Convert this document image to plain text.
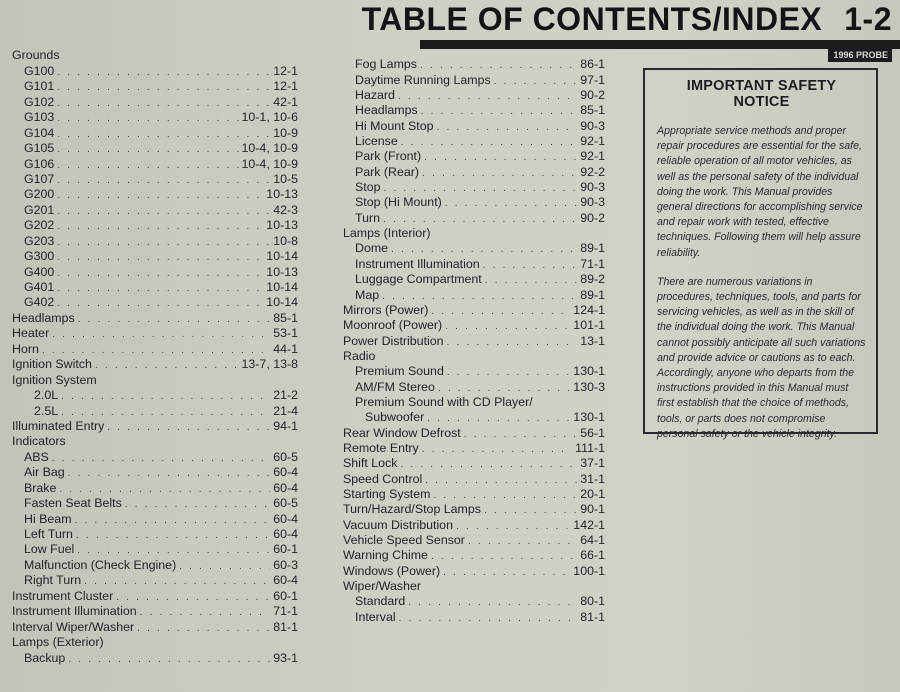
TABLE OF CONTENTS/INDEX 1-2
1996 PROBE
Grounds
G100 . . .	12-1
G101 . . .	12-1
G102 . . .	42-1
G103 . . .	10-1, 10-6
G104 . . .	10-9
G105 . . .	10-4, 10-9
G106 . . .	10-4, 10-9
G107 . . .	10-5
G200 . . .	10-13
G201 . . .	42-3
G202 . . .	10-13
G203 . . .	10-8
G300 . . .	10-14
G400 . . .	10-13
G401 . . .	10-14
G402 . . .	10-14
Headlamps . . .	85-1
Heater . . .	53-1
Horn . . .	44-1
Ignition Switch . . .	13-7, 13-8
Ignition System
2.0L . . .	21-2
2.5L . . .	21-4
Illuminated Entry . . .	94-1
Indicators
ABS . . .	60-5
Air Bag . . .	60-4
Brake . . .	60-4
Fasten Seat Belts . . .	60-5
Hi Beam . . .	60-4
Left Turn . . .	60-4
Low Fuel . . .	60-1
Malfunction (Check Engine) . . .	60-3
Right Turn . . .	60-4
Instrument Cluster . . .	60-1
Instrument Illumination . . .	71-1
Interval Wiper/Washer . . .	81-1
Lamps (Exterior)
Backup . . .	93-1
Fog Lamps . . .	86-1
Daytime Running Lamps . . .	97-1
Hazard . . .	90-2
Headlamps . . .	85-1
Hi Mount Stop . . .	90-3
License . . .	92-1
Park (Front) . . .	92-1
Park (Rear) . . .	92-2
Stop . . .	90-3
Stop (Hi Mount) . . .	90-3
Turn . . .	90-2
Lamps (Interior)
Dome . . .	89-1
Instrument Illumination . . .	71-1
Luggage Compartment . . .	89-2
Map . . .	89-1
Mirrors (Power) . . .	124-1
Moonroof (Power) . . .	101-1
Power Distribution . . .	13-1
Radio
Premium Sound . . .	130-1
AM/FM Stereo . . .	130-3
Premium Sound with CD Player/
Subwoofer . . .	130-1
Rear Window Defrost . . .	56-1
Remote Entry . . .	111-1
Shift Lock . . .	37-1
Speed Control . . .	31-1
Starting System . . .	20-1
Turn/Hazard/Stop Lamps . . .	90-1
Vacuum Distribution . . .	142-1
Vehicle Speed Sensor . . .	64-1
Warning Chime . . .	66-1
Windows (Power) . . .	100-1
Wiper/Washer
Standard . . .	80-1
Interval . . .	81-1
IMPORTANT SAFETY NOTICE

Appropriate service methods and proper repair procedures are essential for the safe, reliable operation of all motor vehicles, as well as the personal safety of the individual doing the work. This Manual provides general directions for accomplishing service and repair work with tested, effective techniques. Following them will help assure reliability.

There are numerous variations in procedures, techniques, tools, and parts for servicing vehicles, as well as in the skill of the individual doing the work. This Manual cannot possibly anticipate all such variations and provide advice or cautions as to each. Accordingly, anyone who departs from the instructions provided in this Manual must first establish that the choice of methods, tools, or parts does not compromise personal safety or the vehicle integrity.
